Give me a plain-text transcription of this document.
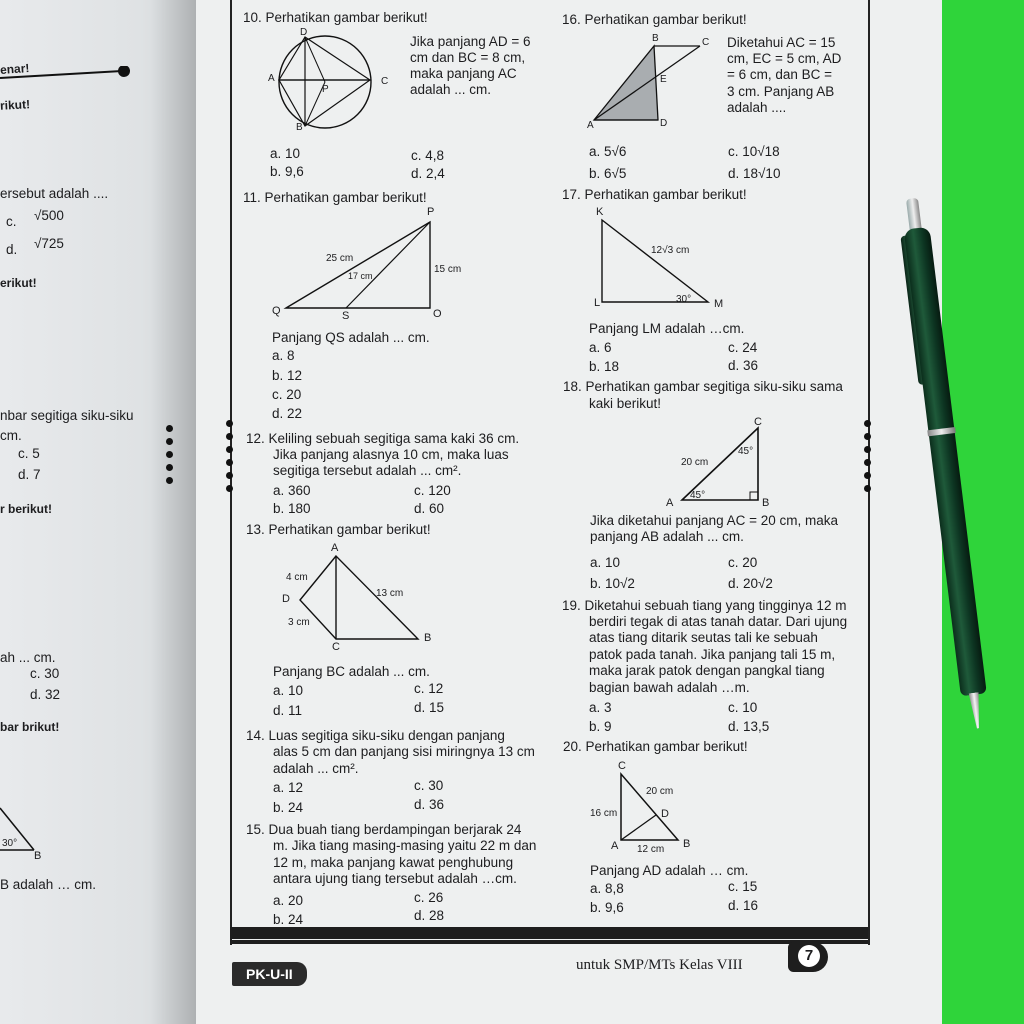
enar!
rikut!
ersebut adalah ....
c. √500
d. √725
erikut!
nbar segitiga siku-siku
cm.
c. 5
d. 7
r berikut!
ah ... cm.
c. 30
d. 32
bar brikut!
30°
B
B adalah … cm.
10. Perhatikan gambar berikut!
D
A	C
B
P
Jika panjang AD = 6
cm dan BC = 8 cm,
maka panjang AC
adalah ... cm.
a. 10
b. 9,6
c. 4,8
d. 2,4
11. Perhatikan gambar berikut!
P
Q	S	O
25 cm
17 cm
15 cm
Panjang QS adalah ... cm.
a. 8
b. 12
c. 20
d. 22
12. Keliling sebuah segitiga sama kaki 36 cm.
Jika panjang alasnya 10 cm, maka luas
segitiga tersebut adalah ... cm².
a. 360
b. 180
c. 120
d. 60
13. Perhatikan gambar berikut!
A
D
C
B
4 cm
3 cm
13 cm
Panjang BC adalah ... cm.
a. 10
d. 11
c. 12
d. 15
14. Luas segitiga siku-siku dengan panjang
alas 5 cm dan panjang sisi miringnya 13 cm
adalah ... cm².
a. 12
b. 24
c. 30
d. 36
15. Dua buah tiang berdampingan berjarak 24
m. Jika tiang masing-masing yaitu 22 m dan
12 m, maka panjang kawat penghubung
antara ujung tiang tersebut adalah …cm.
a. 20
b. 24
c. 26
d. 28
16. Perhatikan gambar berikut!
B	C
E
A	D
Diketahui AC = 15
cm, EC = 5 cm, AD
= 6 cm, dan BC =
3 cm. Panjang AB
adalah ....
a. 5√6
b. 6√5
c. 10√18
d. 18√10
17. Perhatikan gambar berikut!
K
L	M
12√3 cm
30°
Panjang LM adalah …cm.
a. 6
b. 18
c. 24
d. 36
18. Perhatikan gambar segitiga siku-siku sama
kaki berikut!
C
A	B
20 cm
45°
45°
Jika diketahui panjang AC = 20 cm, maka
panjang AB adalah ... cm.
a. 10
b. 10√2
c. 20
d. 20√2
19. Diketahui sebuah tiang yang tingginya 12 m
berdiri tegak di atas tanah datar. Dari ujung
atas tiang ditarik seutas tali ke sebuah
patok pada tanah. Jika panjang tali 15 m,
maka jarak patok dengan pangkal tiang
bagian bawah adalah …m.
a. 3
b. 9
c. 10
d. 13,5
20. Perhatikan gambar berikut!
C
D
A	B
20 cm
16 cm
12 cm
Panjang AD adalah … cm.
a. 8,8
b. 9,6
c. 15
d. 16
PK-U-II
untuk SMP/MTs Kelas VIII
7
